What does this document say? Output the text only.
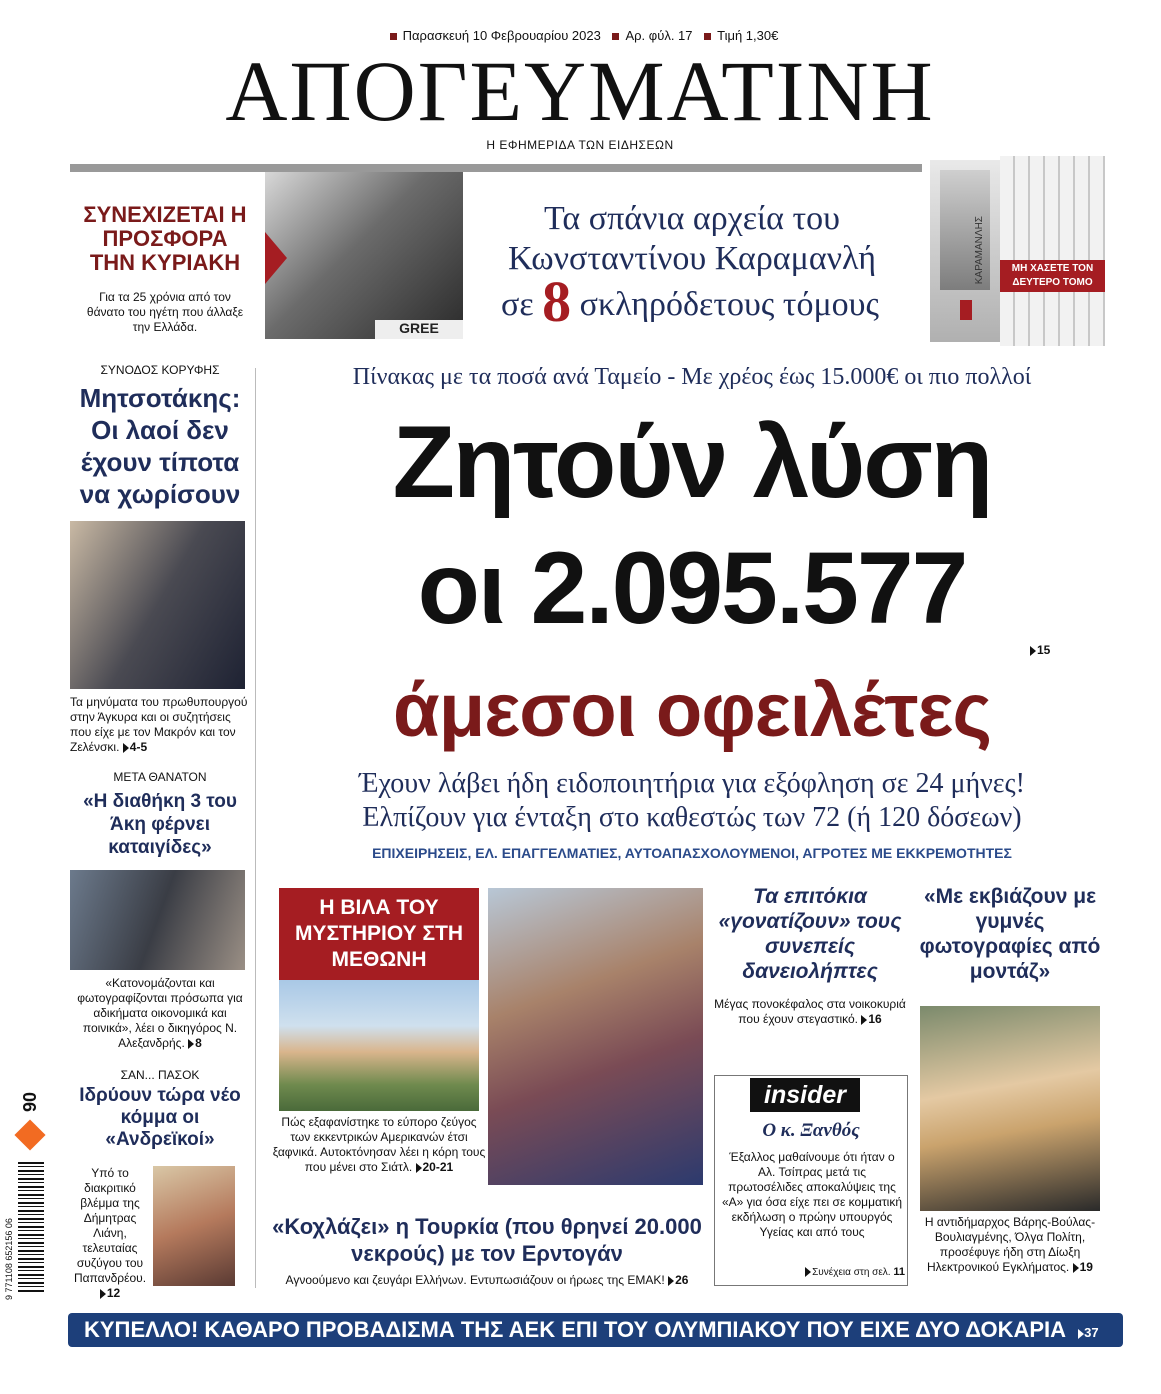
Παρασκευή 10 Φεβρουαρίου 2023 Αρ. φύλ. 17 Τιμή 1,30€
ΑΠΟΓΕΥΜΑΤΙΝΗ
Η ΕΦΗΜΕΡΙΔΑ ΤΩΝ ΕΙΔΗΣΕΩΝ
ΣΥΝΕΧΙΖΕΤΑΙ Η ΠΡΟΣΦΟΡΑ ΤΗΝ ΚΥΡΙΑΚΗ
Για τα 25 χρόνια από τον θάνατο του ηγέτη που άλλαξε την Ελλάδα.	GREE
Τα σπάνια αρχεία του
Κωνσταντίνου Καραμανλή
σε 8 σκληρόδετους τόμους
ΚΑΡΑΜΑΝΛΗΣ	ΜΗ ΧΑΣΕΤΕ ΤΟΝ ΔΕΥΤΕΡΟ ΤΟΜΟ
ΣΥΝΟΔΟΣ ΚΟΡΥΦΗΣ
Μητσοτάκης: Οι λαοί δεν έχουν τίποτα να χωρίσουν
Τα μηνύματα του πρωθυπουργού στην Άγκυρα και οι συζητήσεις που είχε με τον Μακρόν και τον Ζελένσκι. 4-5
ΜΕΤΑ ΘΑΝΑΤΟΝ
«Η διαθήκη 3 του Άκη φέρνει καταιγίδες»
«Κατονομάζονται και φωτογραφίζονται πρόσωπα για αδικήματα οικονομικά και ποινικά», λέει ο δικηγόρος Ν. Αλεξανδρής. 8
ΣΑΝ... ΠΑΣΟΚ
Ιδρύουν τώρα νέο κόμμα οι «Ανδρεϊκοί»
Υπό το διακριτικό βλέμμα της Δήμητρας Λιάνη, τελευταίας συζύγου του Παπανδρέου. 12
90
9 771108 652156 06
Πίνακας με τα ποσά ανά Ταμείο - Με χρέος έως 15.000€ οι πιο πολλοί
Ζητούν λύση
οι 2.095.577
15
άμεσοι οφειλέτες
Έχουν λάβει ήδη ειδοποιητήρια για εξόφληση σε 24 μήνες!
Ελπίζουν για ένταξη στο καθεστώς των 72 (ή 120 δόσεων)
ΕΠΙΧΕΙΡΗΣΕΙΣ, ΕΛ. ΕΠΑΓΓΕΛΜΑΤΙΕΣ, ΑΥΤΟΑΠΑΣΧΟΛΟΥΜΕΝΟΙ, ΑΓΡΟΤΕΣ ΜΕ ΕΚΚΡΕΜΟΤΗΤΕΣ
Η ΒΙΛΑ ΤΟΥ ΜΥΣΤΗΡΙΟΥ ΣΤΗ ΜΕΘΩΝΗ
Πώς εξαφανίστηκε το εύπορο ζεύγος των εκκεντρικών Αμερικανών έτσι ξαφνικά. Αυτοκτόνησαν λέει η κόρη τους που μένει στο Σιάτλ. 20-21
«Κοχλάζει» η Τουρκία (που θρηνεί 20.000 νεκρούς) με τον Ερντογάν
Αγνοούμενο και ζευγάρι Ελλήνων. Εντυπωσιάζουν οι ήρωες της ΕΜΑΚ! 26
Τα επιτόκια «γονατίζουν» τους συνεπείς δανειολήπτες
Μέγας πονοκέφαλος στα νοικοκυριά που έχουν στεγαστικό. 16
insider
Ο κ. Ξανθός
Έξαλλος μαθαίνουμε ότι ήταν ο Αλ. Τσίπρας μετά τις πρωτοσέλιδες αποκαλύψεις της «Α» για όσα είχε πει σε κομματική εκδήλωση ο πρώην υπουργός Υγείας και από τους
Συνέχεια στη σελ. 11
«Με εκβιάζουν με γυμνές φωτογραφίες από μοντάζ»
Η αντιδήμαρχος Βάρης-Βούλας-Βουλιαγμένης, Όλγα Πολίτη, προσέφυγε ήδη στη Δίωξη Ηλεκτρονικού Εγκλήματος. 19
ΚΥΠΕΛΛΟ! ΚΑΘΑΡΟ ΠΡΟΒΑΔΙΣΜΑ ΤΗΣ ΑΕΚ ΕΠΙ ΤΟΥ ΟΛΥΜΠΙΑΚΟΥ ΠΟΥ ΕΙΧΕ ΔΥΟ ΔΟΚΑΡΙΑ 37
